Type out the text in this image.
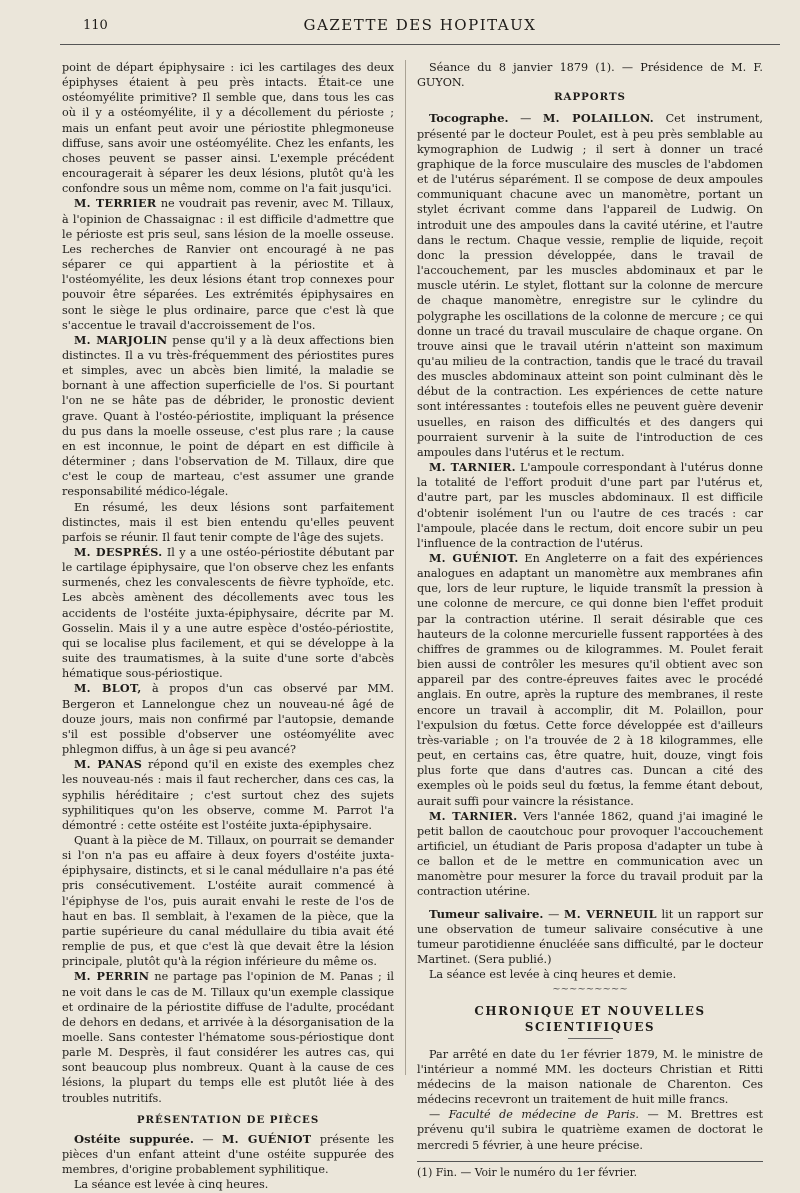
110	GAZETTE DES HOPITAUX

point de départ épiphysaire : ici les cartilages des deux épiphyses étaient à peu près intacts. Était-ce une ostéomyélite primitive? Il semble que, dans tous les cas où il y a ostéomyélite, il y a décollement du périoste ; mais un enfant peut avoir une périostite phlegmoneuse diffuse, sans avoir une ostéomyélite. Chez les enfants, les choses peuvent se passer ainsi. L'exemple précédent encouragerait à séparer les deux lésions, plutôt qu'à les confondre sous un même nom, comme on l'a fait jusqu'ici.

M. TERRIER ne voudrait pas revenir, avec M. Tillaux, à l'opinion de Chassaignac : il est difficile d'admettre que le périoste est pris seul, sans lésion de la moelle osseuse. Les recherches de Ranvier ont encouragé à ne pas séparer ce qui appartient à la périostite et à l'ostéomyélite, les deux lésions étant trop connexes pour pouvoir être séparées. Les extrémités épiphysaires en sont le siège le plus ordinaire, parce que c'est là que s'accentue le travail d'accroissement de l'os.

M. MARJOLIN pense qu'il y a là deux affections bien distinctes. Il a vu très-fréquemment des périostites pures et simples, avec un abcès bien limité, la maladie se bornant à une affection superficielle de l'os. Si pourtant l'on ne se hâte pas de débrider, le pronostic devient grave. Quant à l'ostéo-périostite, impliquant la présence du pus dans la moelle osseuse, c'est plus rare ; la cause en est inconnue, le point de départ en est difficile à déterminer ; dans l'observation de M. Tillaux, dire que c'est le coup de marteau, c'est assumer une grande responsabilité médico-légale.

En résumé, les deux lésions sont parfaitement distinctes, mais il est bien entendu qu'elles peuvent parfois se réunir. Il faut tenir compte de l'âge des sujets.

M. DESPRÉS. Il y a une ostéo-périostite débutant par le cartilage épiphysaire, que l'on observe chez les enfants surmenés, chez les convalescents de fièvre typhoïde, etc. Les abcès amènent des décollements avec tous les accidents de l'ostéite juxta-épiphysaire, décrite par M. Gosselin. Mais il y a une autre espèce d'ostéo-périostite, qui se localise plus facilement, et qui se développe à la suite des traumatismes, à la suite d'une sorte d'abcès hématique sous-périostique.

M. BLOT, à propos d'un cas observé par MM. Bergeron et Lannelongue chez un nouveau-né âgé de douze jours, mais non confirmé par l'autopsie, demande s'il est possible d'observer une ostéomyélite avec phlegmon diffus, à un âge si peu avancé?

M. PANAS répond qu'il en existe des exemples chez les nouveau-nés : mais il faut rechercher, dans ces cas, la syphilis héréditaire ; c'est surtout chez des sujets syphilitiques qu'on les observe, comme M. Parrot l'a démontré : cette ostéite est l'ostéite juxta-épiphysaire.

Quant à la pièce de M. Tillaux, on pourrait se demander si l'on n'a pas eu affaire à deux foyers d'ostéite juxta-épiphysaire, distincts, et si le canal médullaire n'a pas été pris consécutivement. L'ostéite aurait commencé à l'épiphyse de l'os, puis aurait envahi le reste de l'os de haut en bas. Il semblait, à l'examen de la pièce, que la partie supérieure du canal médullaire du tibia avait été remplie de pus, et que c'est là que devait être la lésion principale, plutôt qu'à la région inférieure du même os.

M. PERRIN ne partage pas l'opinion de M. Panas ; il ne voit dans le cas de M. Tillaux qu'un exemple classique et ordinaire de la périostite diffuse de l'adulte, procédant de dehors en dedans, et arrivée à la désorganisation de la moelle. Sans contester l'hématome sous-périostique dont parle M. Desprès, il faut considérer les autres cas, qui sont beaucoup plus nombreux. Quant à la cause de ces lésions, la plupart du temps elle est plutôt liée à des troubles nutritifs.

PRÉSENTATION DE PIÈCES

Ostéite suppurée. — M. GUÉNIOT présente les pièces d'un enfant atteint d'une ostéite suppurée des membres, d'origine probablement syphilitique.

La séance est levée à cinq heures.

Séance du 8 janvier 1879 (1). — Présidence de M. F. GUYON.

RAPPORTS

Tocographe. — M. POLAILLON. Cet instrument, présenté par le docteur Poulet, est à peu près semblable au kymographion de Ludwig ; il sert à donner un tracé graphique de la force musculaire des muscles de l'abdomen et de l'utérus séparément. Il se compose de deux ampoules communiquant chacune avec un manomètre, portant un stylet écrivant comme dans l'appareil de Ludwig. On introduit une des ampoules dans la cavité utérine, et l'autre dans le rectum. Chaque vessie, remplie de liquide, reçoit donc la pression développée, dans le travail de l'accouchement, par les muscles abdominaux et par le muscle utérin. Le stylet, flottant sur la colonne de mercure de chaque manomètre, enregistre sur le cylindre du polygraphe les oscillations de la colonne de mercure ; ce qui donne un tracé du travail musculaire de chaque organe. On trouve ainsi que le travail utérin n'atteint son maximum qu'au milieu de la contraction, tandis que le tracé du travail des muscles abdominaux atteint son point culminant dès le début de la contraction. Les expériences de cette nature sont intéressantes : toutefois elles ne peuvent guère devenir usuelles, en raison des difficultés et des dangers qui pourraient survenir à la suite de l'introduction de ces ampoules dans l'utérus et le rectum.

M. TARNIER. L'ampoule correspondant à l'utérus donne la totalité de l'effort produit d'une part par l'utérus et, d'autre part, par les muscles abdominaux. Il est difficile d'obtenir isolément l'un ou l'autre de ces tracés : car l'ampoule, placée dans le rectum, doit encore subir un peu l'influence de la contraction de l'utérus.

M. GUÉNIOT. En Angleterre on a fait des expériences analogues en adaptant un manomètre aux membranes afin que, lors de leur rupture, le liquide transmît la pression à une colonne de mercure, ce qui donne bien l'effet produit par la contraction utérine. Il serait désirable que ces hauteurs de la colonne mercurielle fussent rapportées à des chiffres de grammes ou de kilogrammes. M. Poulet ferait bien aussi de contrôler les mesures qu'il obtient avec son appareil par des contre-épreuves faites avec le procédé anglais. En outre, après la rupture des membranes, il reste encore un travail à accomplir, dit M. Polaillon, pour l'expulsion du fœtus. Cette force développée est d'ailleurs très-variable ; on l'a trouvée de 2 à 18 kilogrammes, elle peut, en certains cas, être quatre, huit, douze, vingt fois plus forte que dans d'autres cas. Duncan a cité des exemples où le poids seul du fœtus, la femme étant debout, aurait suffi pour vaincre la résistance.

M. TARNIER. Vers l'année 1862, quand j'ai imaginé le petit ballon de caoutchouc pour provoquer l'accouchement artificiel, un étudiant de Paris proposa d'adapter un tube à ce ballon et de le mettre en communication avec un manomètre pour mesurer la force du travail produit par la contraction utérine.

Tumeur salivaire. — M. VERNEUIL lit un rapport sur une observation de tumeur salivaire consécutive à une tumeur parotidienne énucléée sans difficulté, par le docteur Martinet. (Sera publié.)

La séance est levée à cinq heures et demie.

~~~~~~~~~
CHRONIQUE ET NOUVELLES SCIENTIFIQUES

Par arrêté en date du 1er février 1879, M. le ministre de l'intérieur a nommé MM. les docteurs Christian et Ritti médecins de la maison nationale de Charenton. Ces médecins recevront un traitement de huit mille francs.

— Faculté de médecine de Paris. — M. Brettres est prévenu qu'il subira le quatrième examen de doctorat le mercredi 5 février, à une heure précise.

(1) Fin. — Voir le numéro du 1er février.
